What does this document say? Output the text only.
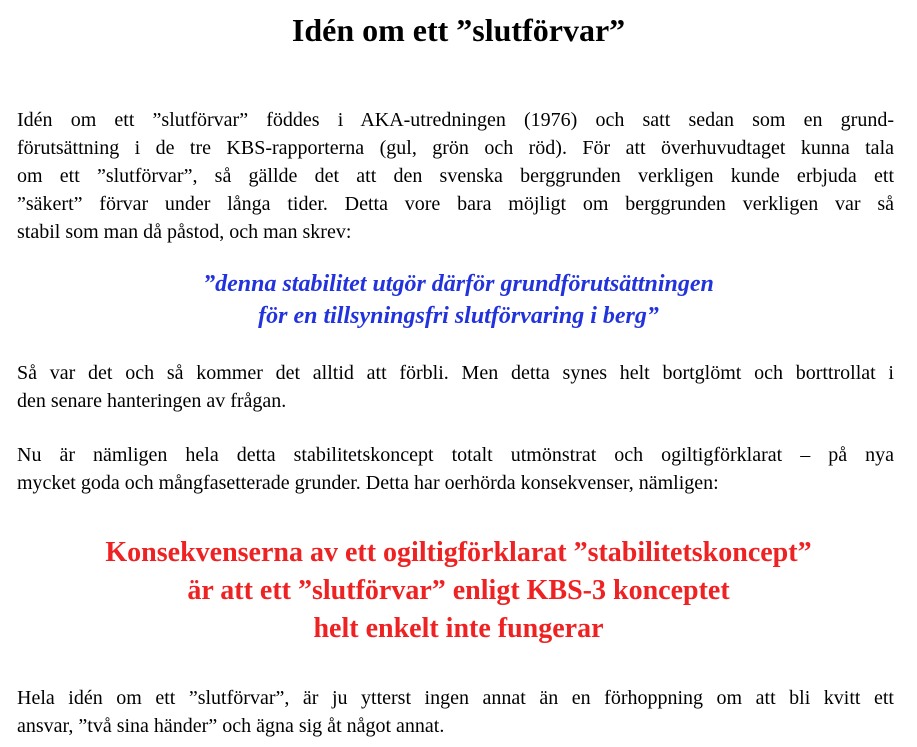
Idén om ett ”slutförvar”

Idén om ett ”slutförvar” föddes i AKA-utredningen (1976) och satt sedan som en grund-
förutsättning i de tre KBS-rapporterna (gul, grön och röd). För att överhuvudtaget kunna tala
om ett ”slutförvar”, så gällde det att den svenska berggrunden verkligen kunde erbjuda ett
”säkert” förvar under långa tider. Detta vore bara möjligt om berggrunden verkligen var så
stabil som man då påstod, och man skrev:

”denna stabilitet utgör därför grundförutsättningen
för en tillsyningsfri slutförvaring i berg”

Så var det och så kommer det alltid att förbli. Men detta synes helt bortglömt och borttrollat i
den senare hanteringen av frågan.

Nu är nämligen hela detta stabilitetskoncept totalt utmönstrat och ogiltigförklarat – på nya
mycket goda och mångfasetterade grunder. Detta har oerhörda konsekvenser, nämligen:

Konsekvenserna av ett ogiltigförklarat ”stabilitetskoncept”
är att ett ”slutförvar” enligt KBS-3 konceptet
helt enkelt inte fungerar

Hela idén om ett ”slutförvar”, är ju ytterst ingen annat än en förhoppning om att bli kvitt ett
ansvar, ”två sina händer” och ägna sig åt något annat.
